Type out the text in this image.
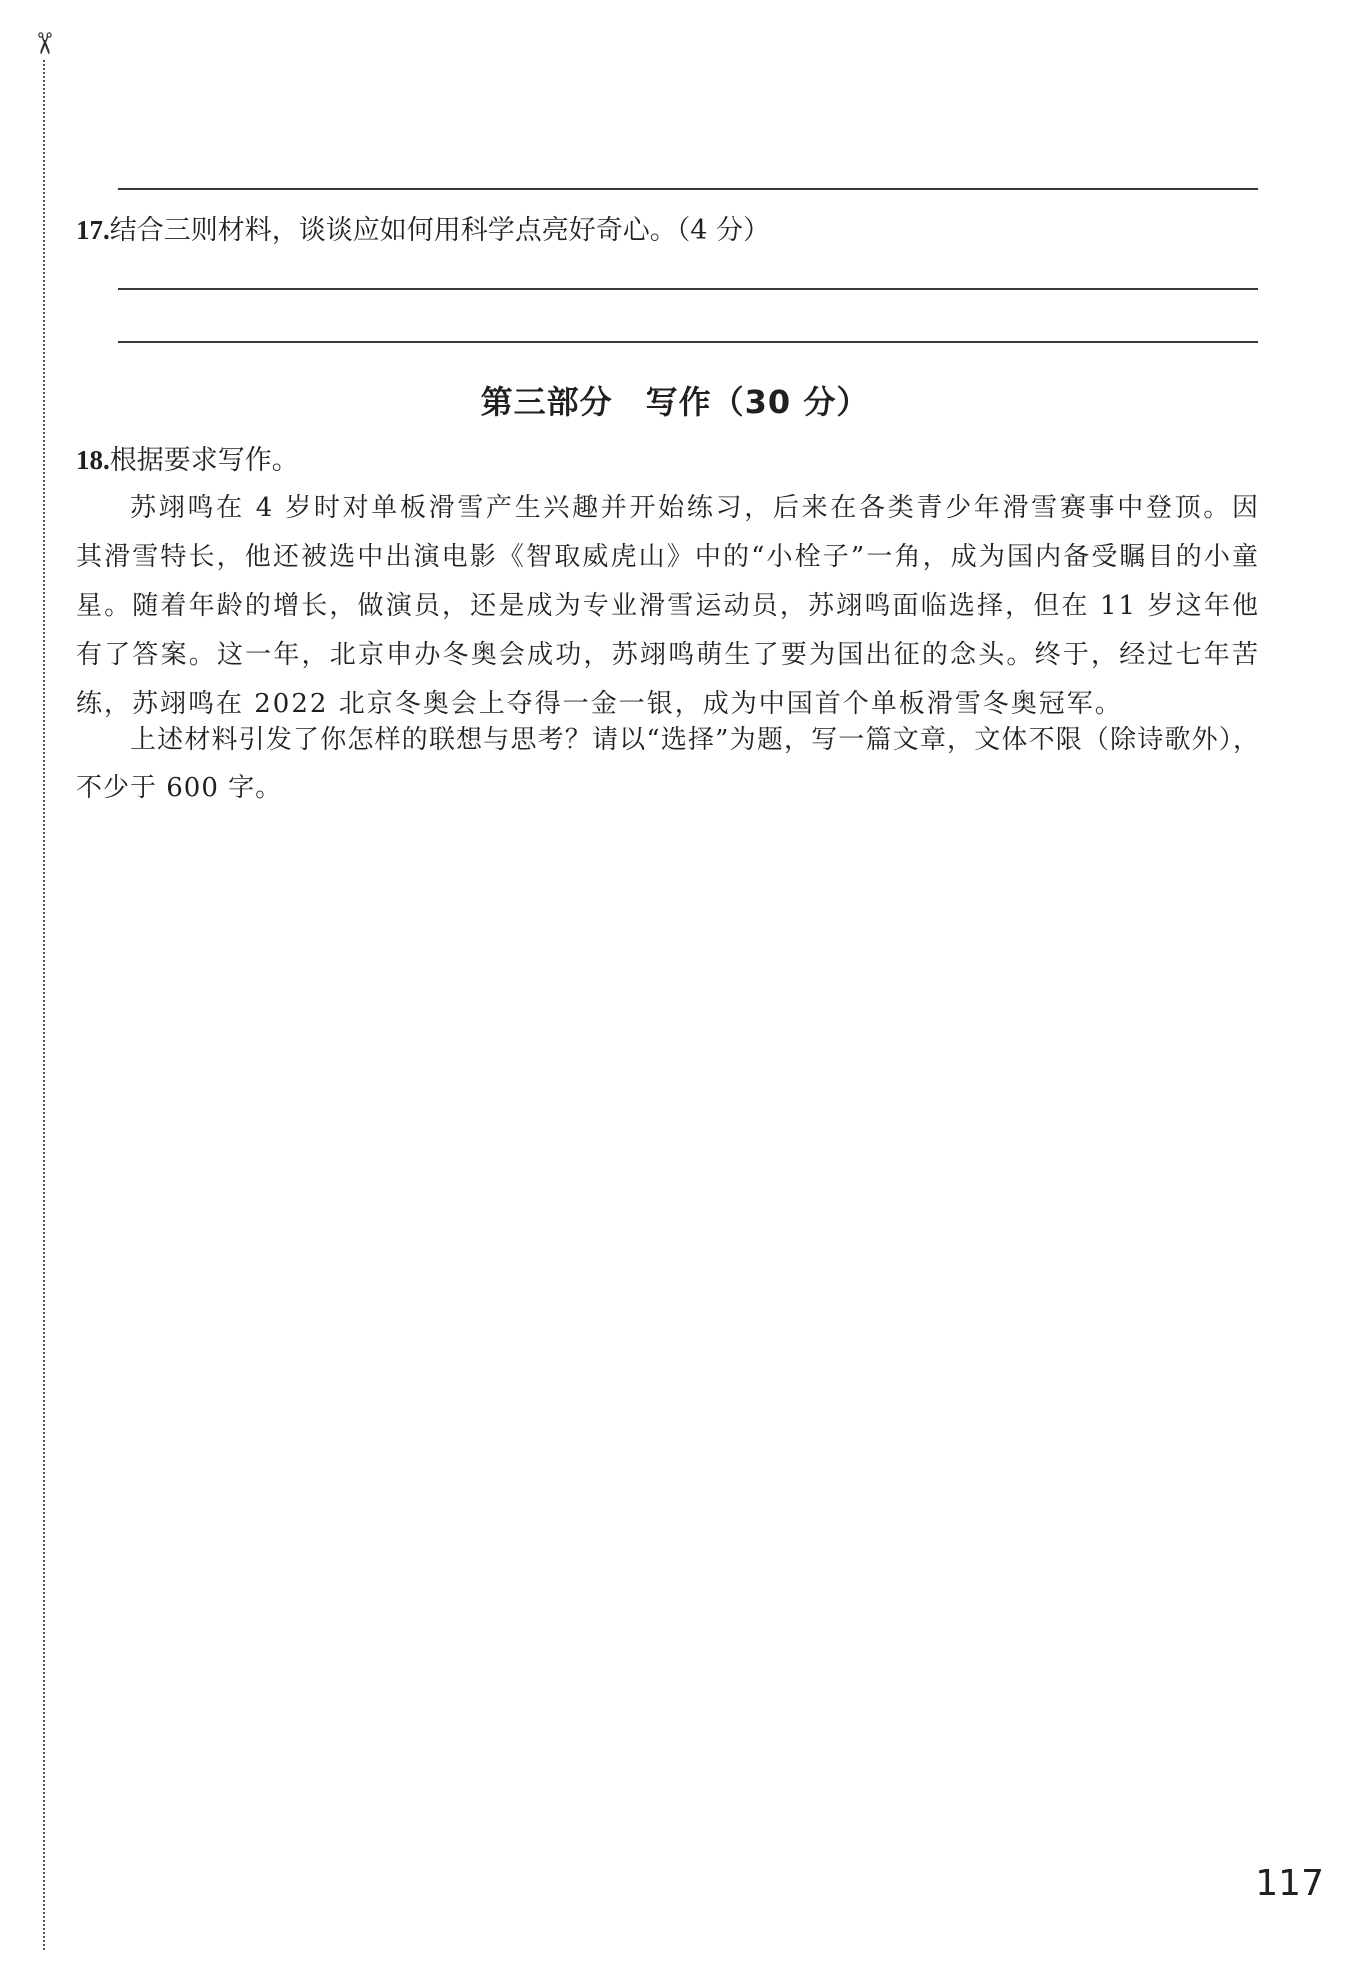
✂
17.结合三则材料，谈谈应如何用科学点亮好奇心。（4 分）
第三部分　写作（30 分）
18.根据要求写作。

苏翊鸣在 4 岁时对单板滑雪产生兴趣并开始练习，后来在各类青少年滑雪赛事中登顶。因其滑雪特长，他还被选中出演电影《智取威虎山》中的“小栓子”一角，成为国内备受瞩目的小童星。随着年龄的增长，做演员，还是成为专业滑雪运动员，苏翊鸣面临选择，但在 11 岁这年他有了答案。这一年，北京申办冬奥会成功，苏翊鸣萌生了要为国出征的念头。终于，经过七年苦练，苏翊鸣在 2022 北京冬奥会上夺得一金一银，成为中国首个单板滑雪冬奥冠军。

上述材料引发了你怎样的联想与思考？请以“选择”为题，写一篇文章，文体不限（除诗歌外），不少于 600 字。

117
